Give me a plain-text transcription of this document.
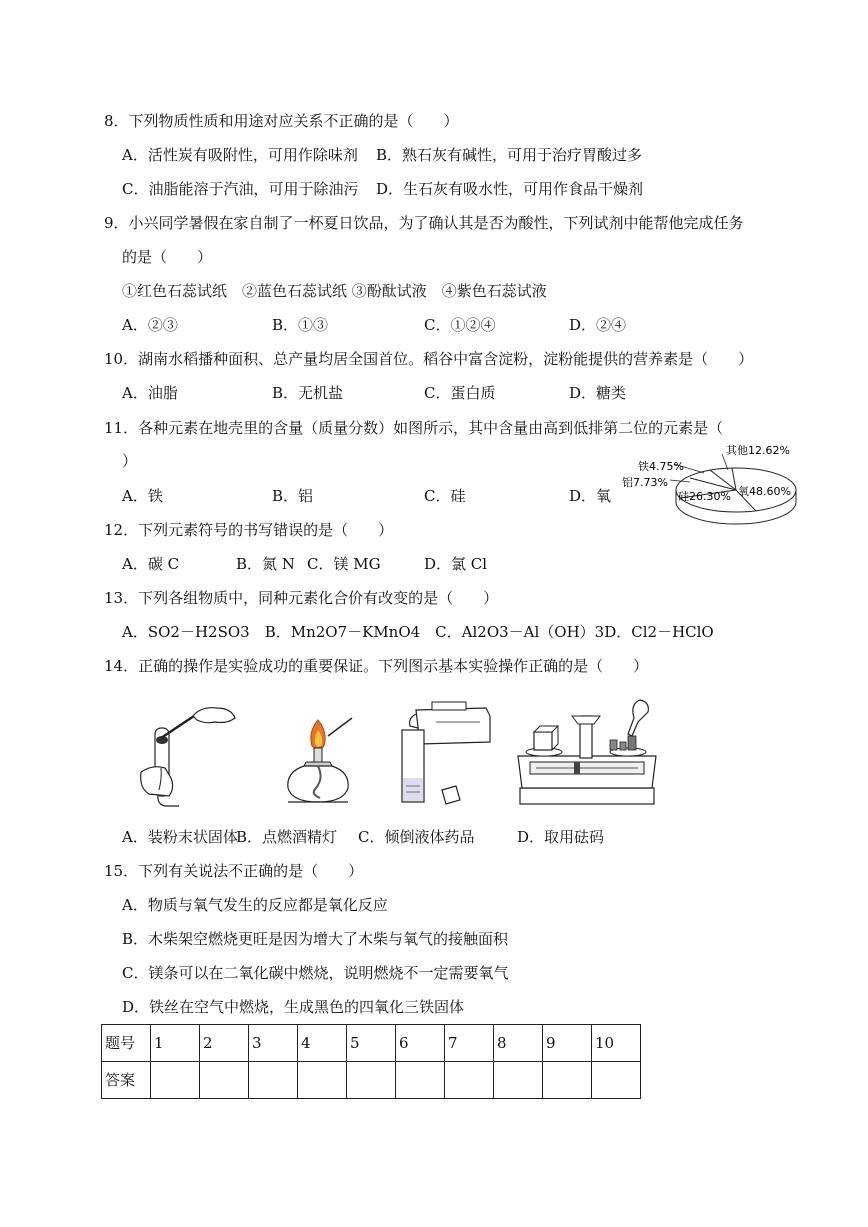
8．下列物质性质和用途对应关系不正确的是（　　）
A．活性炭有吸附性，可用作除味剂 B．熟石灰有碱性，可用于治疗胃酸过多
C．油脂能溶于汽油，可用于除油污 D．生石灰有吸水性，可用作食品干燥剂
9．小兴同学暑假在家自制了一杯夏日饮品，为了确认其是否为酸性，下列试剂中能帮他完成任务
的是（　　）
①红色石蕊试纸　②蓝色石蕊试纸 ③酚酞试液　④紫色石蕊试液
A．②③	B．①③	C．①②④	D．②④
10．湖南水稻播种面积、总产量均居全国首位。稻谷中富含淀粉，淀粉能提供的营养素是（　　）
A．油脂	B．无机盐	C．蛋白质	D．糖类
11．各种元素在地壳里的含量（质量分数）如图所示，其中含量由高到低排第二位的元素是（
）
A．铁	B．铝	C．硅	D．氧
其他12.62%
铁4.75%
铝7.73%
硅26.30% 氧48.60%
12．下列元素符号的书写错误的是（　　）
A．碳 C	B．氮 N C．镁 MG	D．氯 Cl
13．下列各组物质中，同种元素化合价有改变的是（　　）
A．SO2－H2SO3　B．Mn2O7－KMnO4　C．Al2O3－Al（OH）3D．Cl2－HClO
14．正确的操作是实验成功的重要保证。下列图示基本实验操作正确的是（　　）
A．装粉末状固体
B．点燃酒精灯 C．倾倒液体药品	D．取用砝码
15．下列有关说法不正确的是（　　）
A．物质与氧气发生的反应都是氧化反应
B．木柴架空燃烧更旺是因为增大了木柴与氧气的接触面积
C．镁条可以在二氧化碳中燃烧，说明燃烧不一定需要氧气
D．铁丝在空气中燃烧，生成黑色的四氧化三铁固体
题号	1	2	3	4	5	6	7	8	9	10
答案										
